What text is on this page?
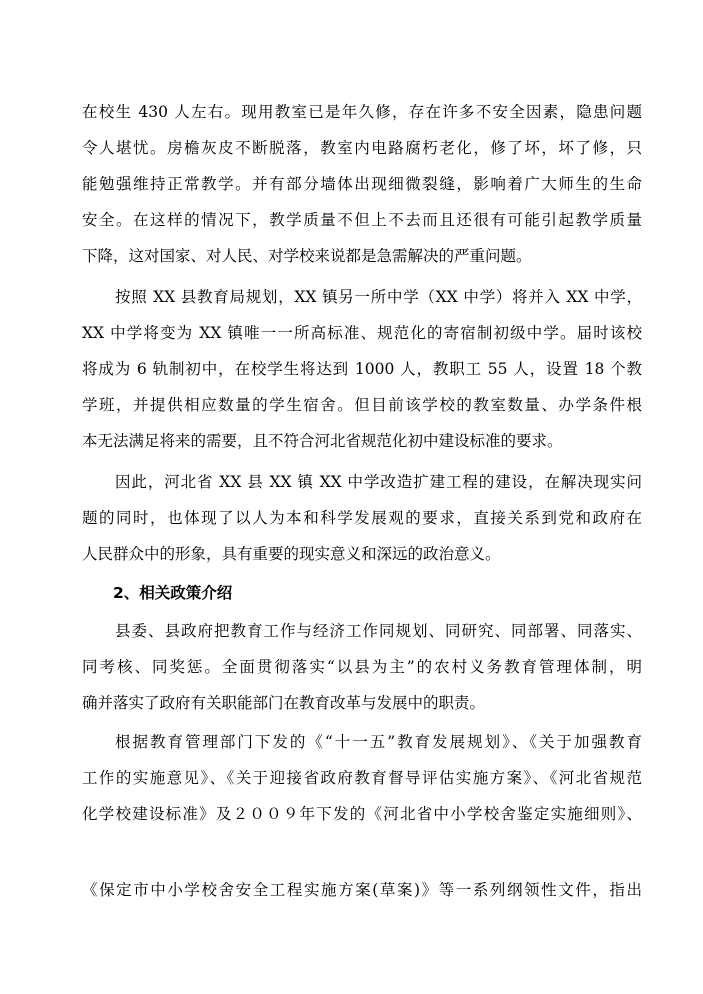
在校生 430 人左右。现用教室已是年久修，存在许多不安全因素，隐患问题
令人堪忧。房檐灰皮不断脱落，教室内电路腐朽老化，修了坏，坏了修，只
能勉强维持正常教学。并有部分墙体出现细微裂缝，影响着广大师生的生命
安全。在这样的情况下，教学质量不但上不去而且还很有可能引起教学质量
下降，这对国家、对人民、对学校来说都是急需解决的严重问题。
按照 XX 县教育局规划，XX 镇另一所中学（XX 中学）将并入 XX 中学，
XX 中学将变为 XX 镇唯一一所高标准、规范化的寄宿制初级中学。届时该校
将成为 6 轨制初中，在校学生将达到 1000 人，教职工 55 人，设置 18 个教
学班，并提供相应数量的学生宿舍。但目前该学校的教室数量、办学条件根
本无法满足将来的需要，且不符合河北省规范化初中建设标准的要求。
因此，河北省 XX 县 XX 镇 XX 中学改造扩建工程的建设，在解决现实问
题的同时，也体现了以人为本和科学发展观的要求，直接关系到党和政府在
人民群众中的形象，具有重要的现实意义和深远的政治意义。
2、相关政策介绍
县委、县政府把教育工作与经济工作同规划、同研究、同部署、同落实、
同考核、同奖惩。全面贯彻落实“以县为主”的农村义务教育管理体制，明
确并落实了政府有关职能部门在教育改革与发展中的职责。
根据教育管理部门下发的《“十一五”教育发展规划》、《关于加强教育
工作的实施意见》、《关于迎接省政府教育督导评估实施方案》、《河北省规范
化学校建设标准》及２００９年下发的《河北省中小学校舍鉴定实施细则》、
《保定市中小学校舍安全工程实施方案(草案)》等一系列纲领性文件，指出
